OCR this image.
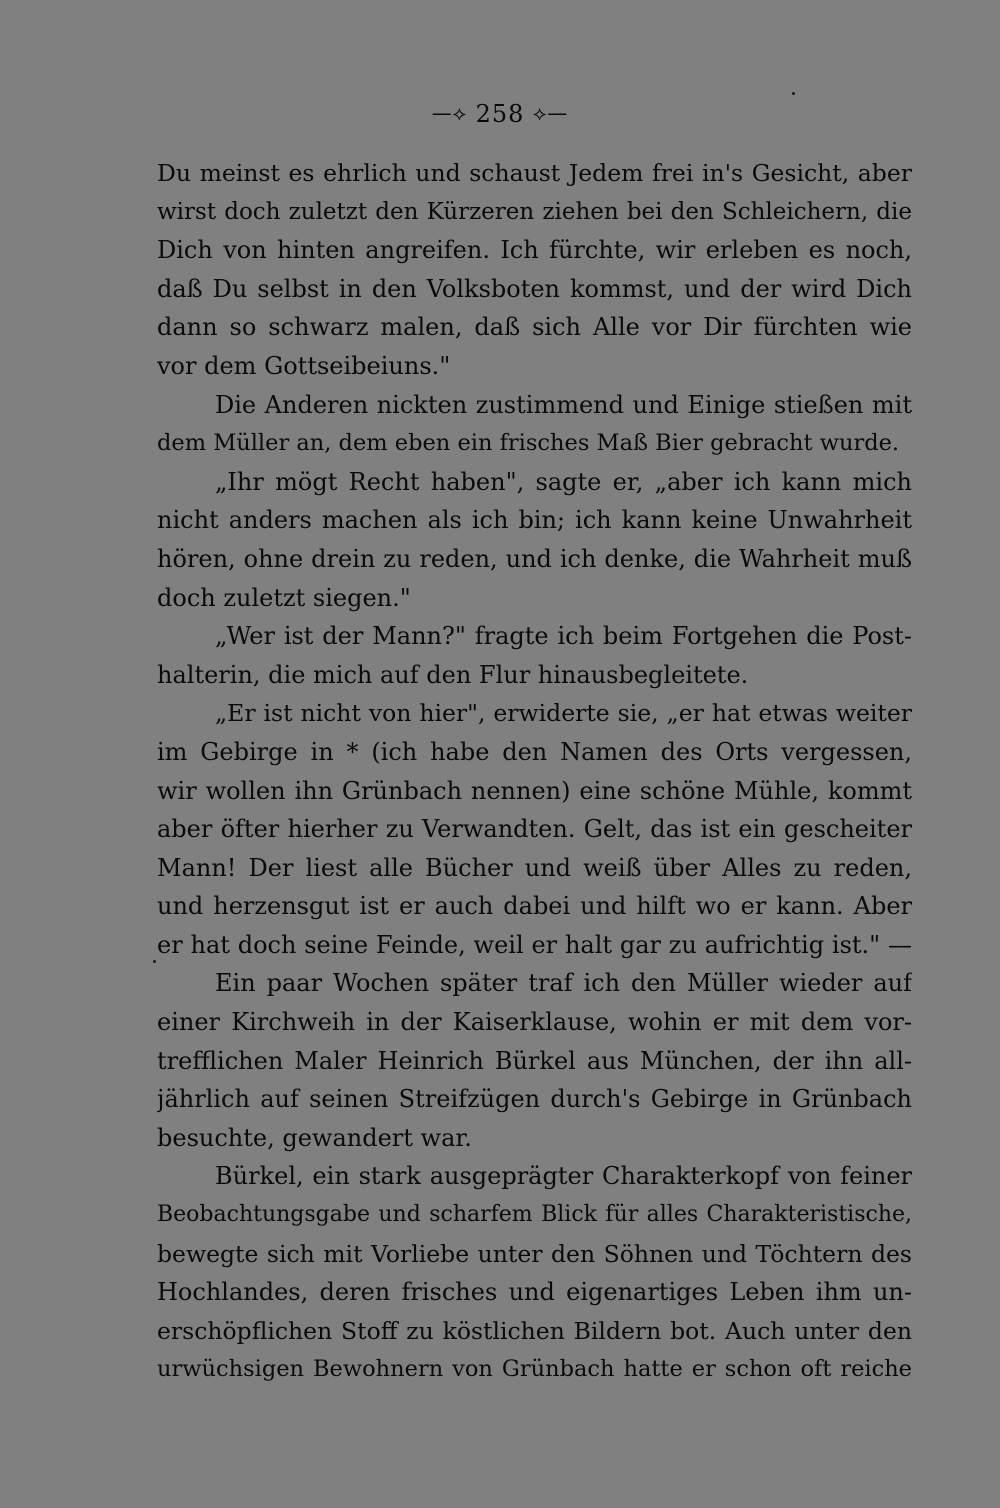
—⟡ 258 ⟡—
Du meinst es ehrlich und schaust Jedem frei in's Gesicht, aber
wirst doch zuletzt den Kürzeren ziehen bei den Schleichern, die
Dich von hinten angreifen. Ich fürchte, wir erleben es noch,
daß Du selbst in den Volksboten kommst, und der wird Dich
dann so schwarz malen, daß sich Alle vor Dir fürchten wie
vor dem Gottseibeiuns."
Die Anderen nickten zustimmend und Einige stießen mit
dem Müller an, dem eben ein frisches Maß Bier gebracht wurde.
„Ihr mögt Recht haben", sagte er, „aber ich kann mich
nicht anders machen als ich bin; ich kann keine Unwahrheit
hören, ohne drein zu reden, und ich denke, die Wahrheit muß
doch zuletzt siegen."
„Wer ist der Mann?" fragte ich beim Fortgehen die Post-
halterin, die mich auf den Flur hinausbegleitete.
„Er ist nicht von hier", erwiderte sie, „er hat etwas weiter
im Gebirge in * (ich habe den Namen des Orts vergessen,
wir wollen ihn Grünbach nennen) eine schöne Mühle, kommt
aber öfter hierher zu Verwandten. Gelt, das ist ein gescheiter
Mann! Der liest alle Bücher und weiß über Alles zu reden,
und herzensgut ist er auch dabei und hilft wo er kann. Aber
er hat doch seine Feinde, weil er halt gar zu aufrichtig ist." —
Ein paar Wochen später traf ich den Müller wieder auf
einer Kirchweih in der Kaiserklause, wohin er mit dem vor-
trefflichen Maler Heinrich Bürkel aus München, der ihn all-
jährlich auf seinen Streifzügen durch's Gebirge in Grünbach
besuchte, gewandert war.
Bürkel, ein stark ausgeprägter Charakterkopf von feiner
Beobachtungsgabe und scharfem Blick für alles Charakteristische,
bewegte sich mit Vorliebe unter den Söhnen und Töchtern des
Hochlandes, deren frisches und eigenartiges Leben ihm un-
erschöpflichen Stoff zu köstlichen Bildern bot. Auch unter den
urwüchsigen Bewohnern von Grünbach hatte er schon oft reiche
